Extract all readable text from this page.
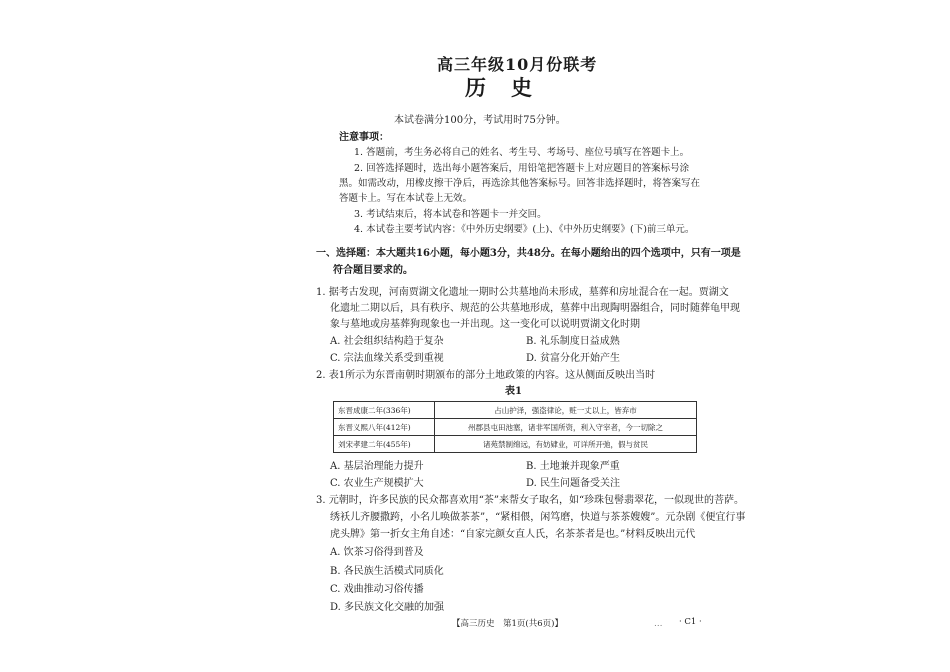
高三年级10月份联考
历　史
本试卷满分100分，考试用时75分钟。
注意事项：
1. 答题前，考生务必将自己的姓名、考生号、考场号、座位号填写在答题卡上。
2. 回答选择题时，选出每小题答案后，用铅笔把答题卡上对应题目的答案标号涂
黑。如需改动，用橡皮擦干净后，再选涂其他答案标号。回答非选择题时，将答案写在
答题卡上。写在本试卷上无效。
3. 考试结束后，将本试卷和答题卡一并交回。
4. 本试卷主要考试内容：《中外历史纲要》(上)、《中外历史纲要》(下)前三单元。
一、选择题：本大题共16小题，每小题3分，共48分。在每小题给出的四个选项中，只有一项是
符合题目要求的。
1. 据考古发现，河南贾湖文化遗址一期时公共墓地尚未形成，墓葬和房址混合在一起。贾湖文
化遗址二期以后，具有秩序、规范的公共墓地形成，墓葬中出现陶明器组合，同时随葬龟甲现
象与墓地或房基葬狗现象也一并出现。这一变化可以说明贾湖文化时期
A. 社会组织结构趋于复杂	B. 礼乐制度日益成熟
C. 宗法血缘关系受到重视	D. 贫富分化开始产生
2. 表1所示为东晋南朝时期颁布的部分土地政策的内容。这从侧面反映出当时
表1
东晋成康二年(336年)	占山护泽，强盗律论，赃一丈以上，皆弃市
东晋义熙八年(412年)	州郡县屯田池塞，诸非军国所资，利入守宰者，今一切除之
刘宋孝建二年(455年)	诸苑禁制绵远，有妨肄业，可详所开弛，假与贫民
A. 基层治理能力提升	B. 土地兼并现象严重
C. 农业生产规模扩大	D. 民生问题备受关注
3. 元朝时，许多民族的民众都喜欢用“茶”来帮女子取名，如“珍珠包髻翡翠花，一似现世的菩萨。
绣袄儿齐腰撒跨，小名儿唤做茶茶”，“紧相偎，闲笃磨，快道与茶茶嫂嫂”。元杂剧《便宜行事
虎头牌》第一折女主角自述：“自家完颜女直人氏，名茶茶者是也。”材料反映出元代
A. 饮茶习俗得到普及
B. 各民族生活模式同质化
C. 戏曲推动习俗传播
D. 多民族文化交融的加强
【高三历史　第1页(共6页)】	… · C1 ·
